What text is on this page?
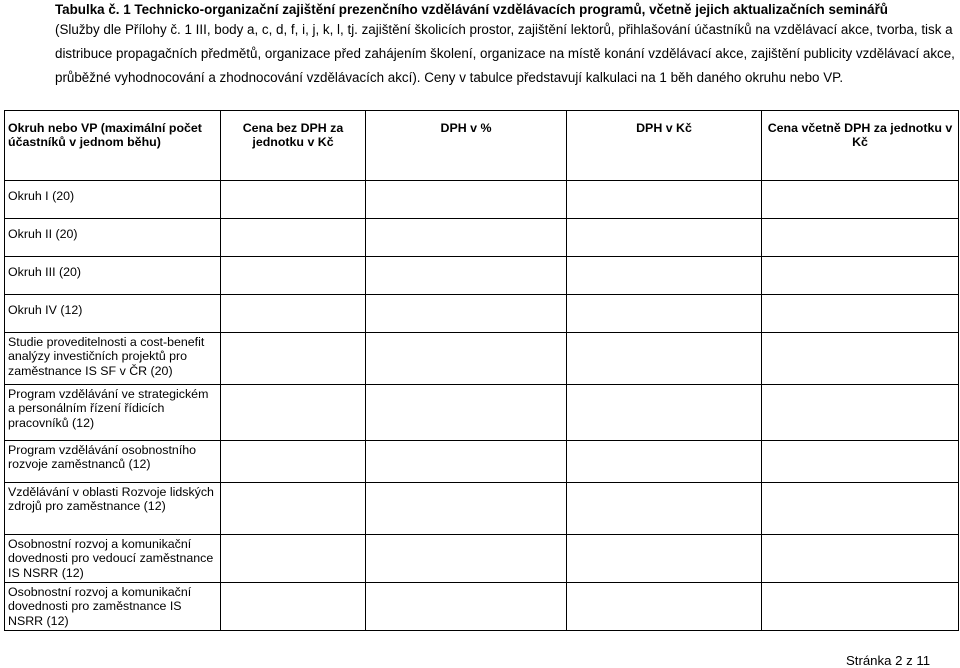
Tabulka č. 1 Technicko-organizační zajištění prezenčního vzdělávání vzdělávacích programů, včetně jejich aktualizačních seminářů
(Služby dle Přílohy č. 1 III, body a, c, d, f, i, j, k, l, tj. zajištění školicích prostor, zajištění lektorů, přihlašování účastníků na vzdělávací akce, tvorba, tisk a distribuce propagačních předmětů, organizace před zahájením školení, organizace na místě konání vzdělávací akce, zajištění publicity vzdělávací akce, průběžné vyhodnocování a zhodnocování vzdělávacích akcí). Ceny v tabulce představují kalkulaci na 1 běh daného okruhu nebo VP.
Okruh nebo VP (maximální počet účastníků v jednom běhu)	Cena bez DPH za jednotku v Kč	DPH v %	DPH v Kč	Cena včetně DPH za jednotku v Kč
Okruh I (20)				
Okruh II (20)				
Okruh III (20)				
Okruh IV (12)				
Studie proveditelnosti a cost-benefit analýzy investičních projektů pro zaměstnance IS SF v ČR (20)				
Program vzdělávání ve strategickém a personálním řízení řídicích pracovníků (12)				
Program vzdělávání osobnostního rozvoje zaměstnanců (12)				
Vzdělávání v oblasti Rozvoje lidských zdrojů pro zaměstnance (12)				
Osobnostní rozvoj a komunikační dovednosti pro vedoucí zaměstnance IS NSRR (12)				
Osobnostní rozvoj a komunikační dovednosti pro zaměstnance IS NSRR (12)				
Stránka 2 z 11
